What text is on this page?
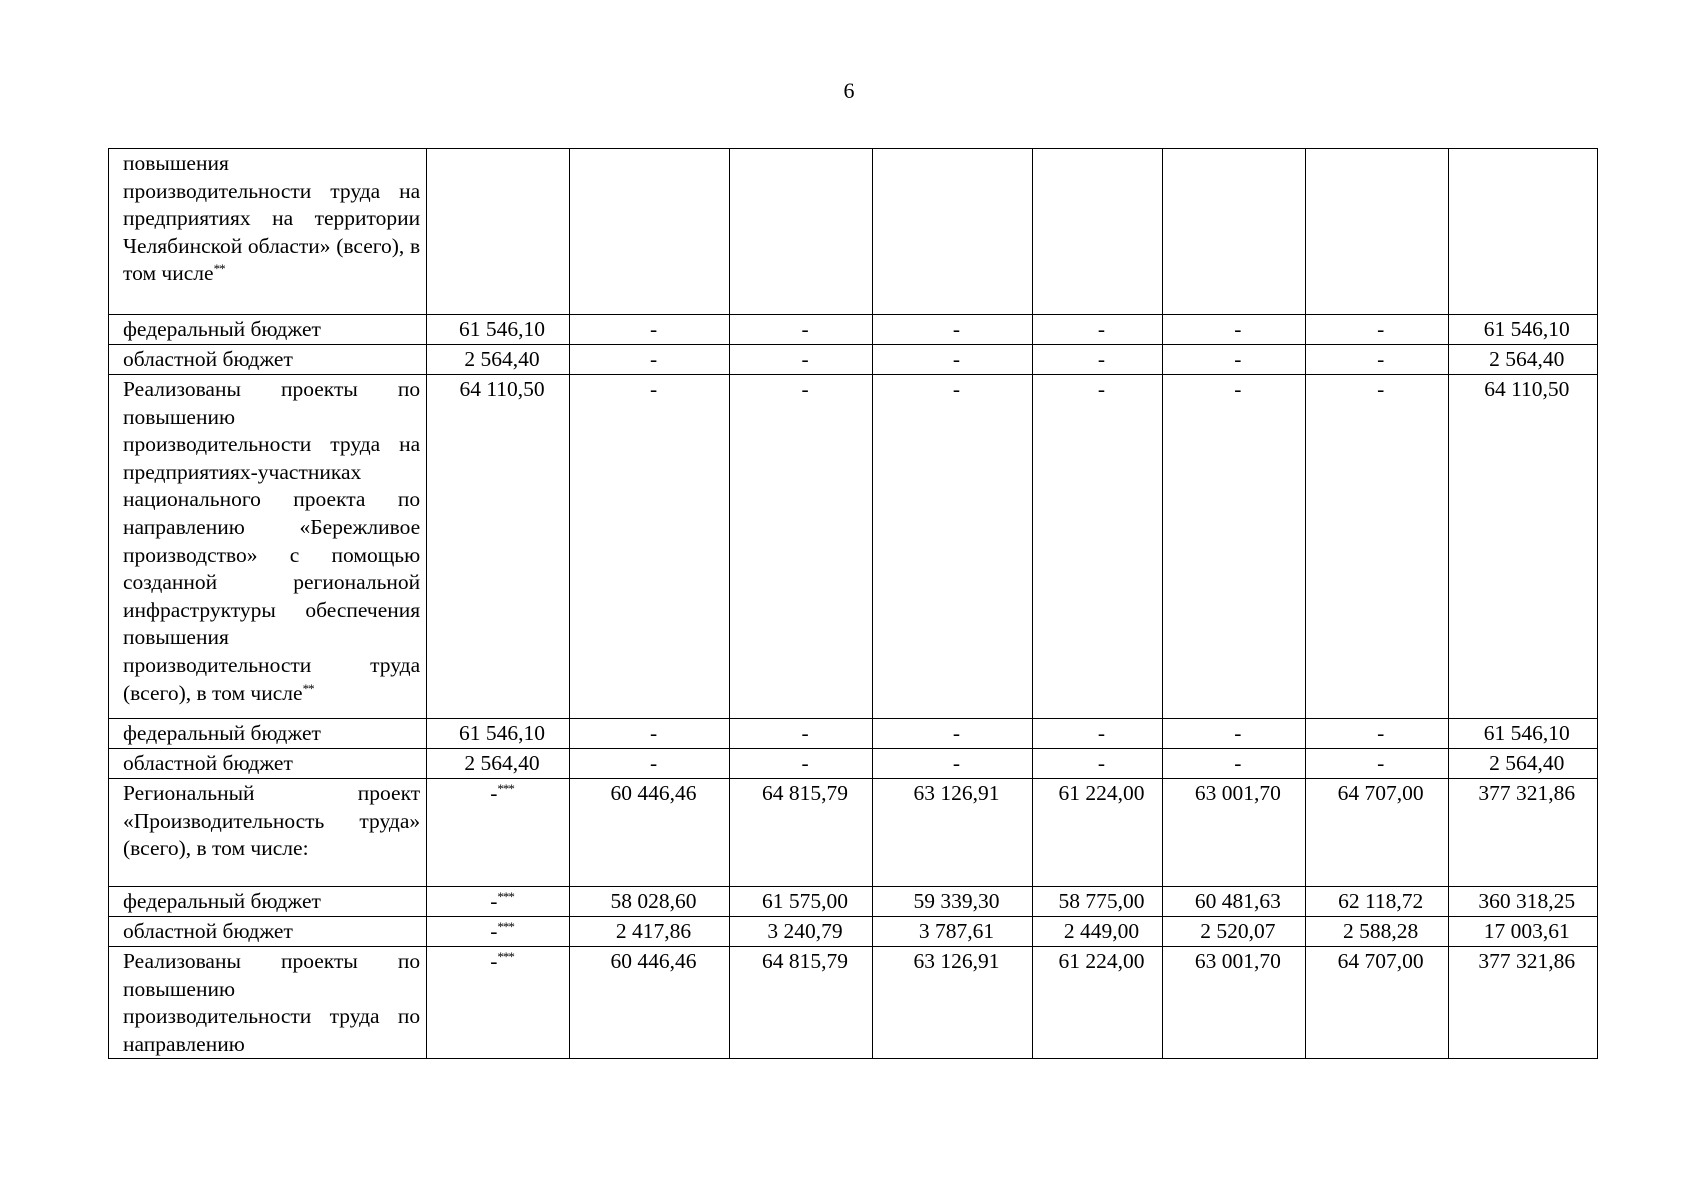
6
повышения производительности труда на предприятиях на территории Челябинской области» (всего), в том числе**								
федеральный бюджет	61 546,10	-	-	-	-	-	-	61 546,10
областной бюджет	2 564,40	-	-	-	-	-	-	2 564,40
Реализованы проекты по повышению производительности труда на предприятиях-участниках национального проекта по направлению «Бережливое производство» с помощью созданной региональной инфраструктуры обеспечения повышения производительности труда (всего), в том числе**	64 110,50	-	-	-	-	-	-	64 110,50
федеральный бюджет	61 546,10	-	-	-	-	-	-	61 546,10
областной бюджет	2 564,40	-	-	-	-	-	-	2 564,40
Региональный проект «Производительность труда» (всего), в том числе:	-***	60 446,46	64 815,79	63 126,91	61 224,00	63 001,70	64 707,00	377 321,86
федеральный бюджет	-***	58 028,60	61 575,00	59 339,30	58 775,00	60 481,63	62 118,72	360 318,25
областной бюджет	-***	2 417,86	3 240,79	3 787,61	2 449,00	2 520,07	2 588,28	17 003,61
Реализованы проекты по повышению производительности труда по направлению	-***	60 446,46	64 815,79	63 126,91	61 224,00	63 001,70	64 707,00	377 321,86
